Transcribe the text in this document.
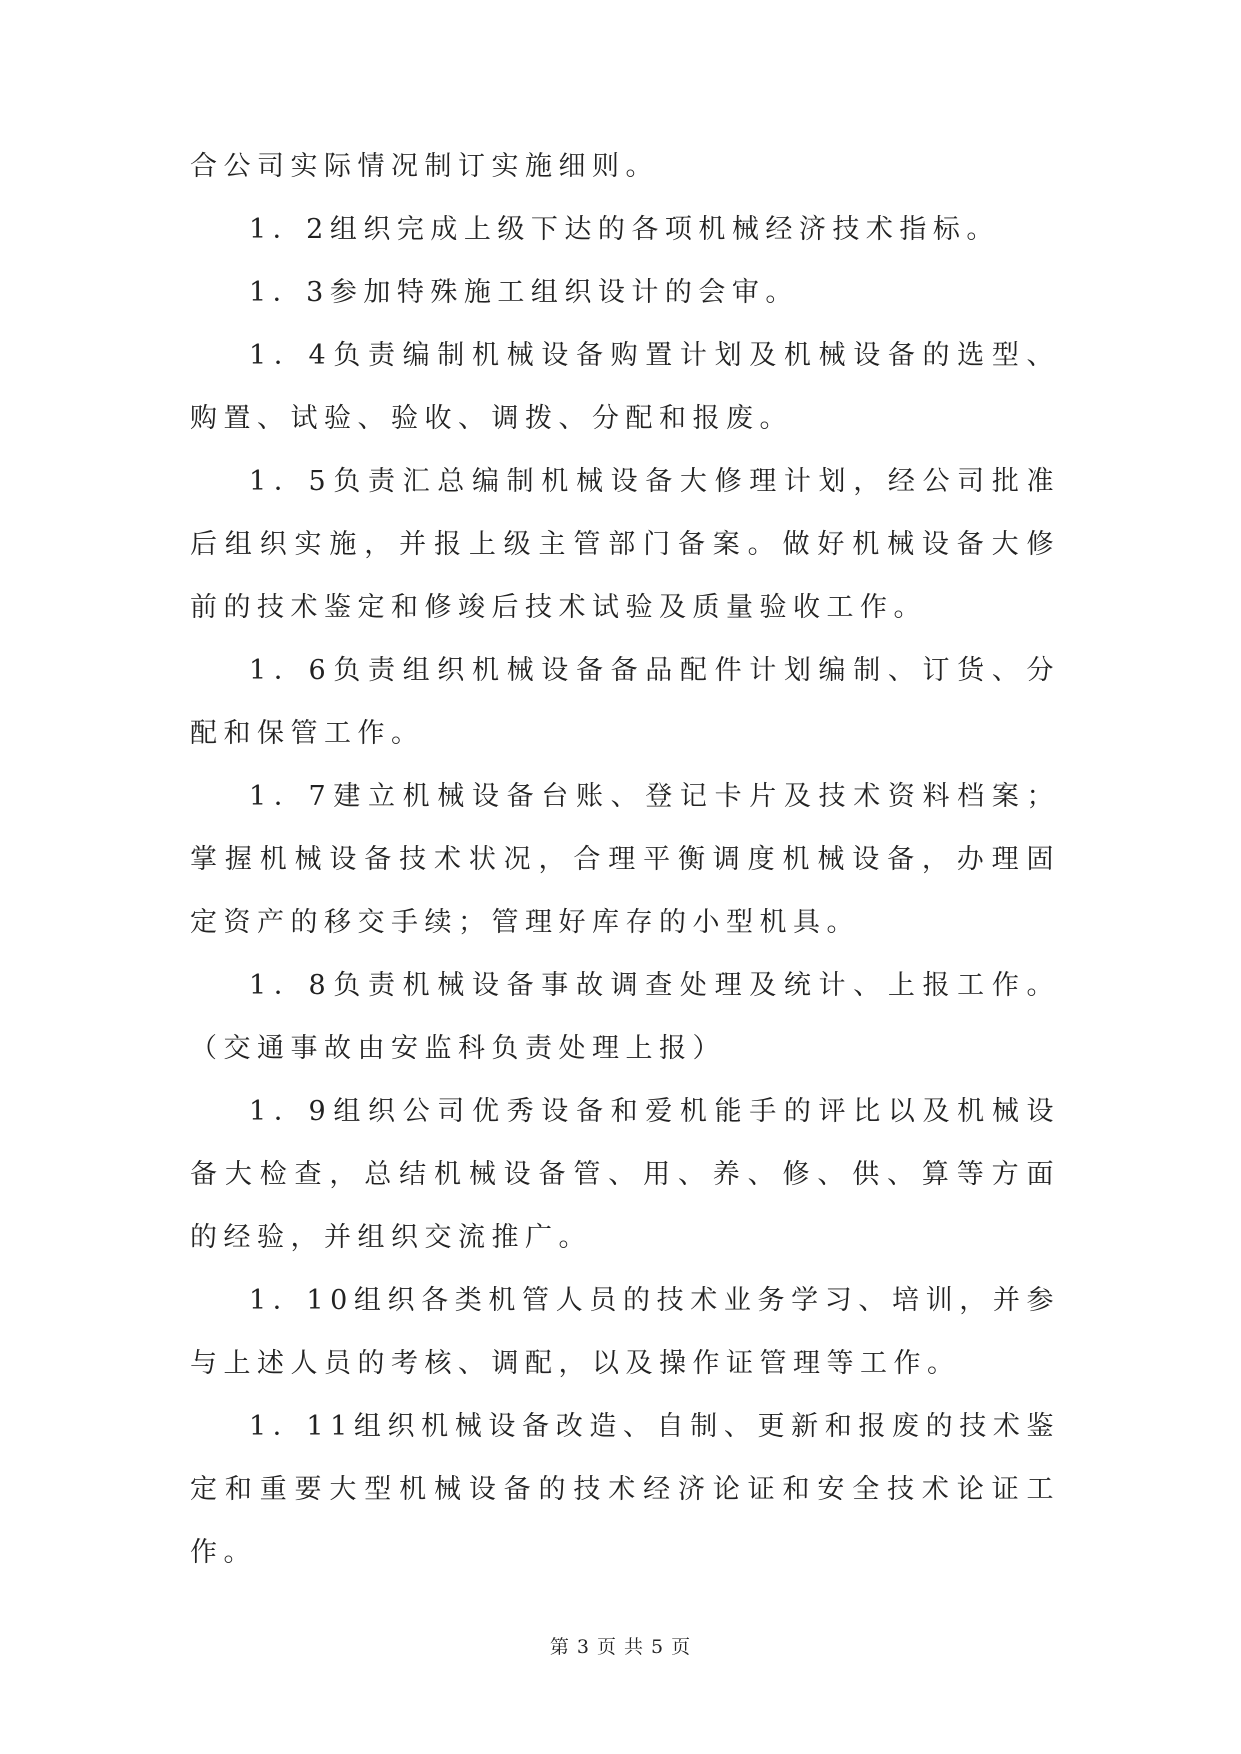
合公司实际情况制订实施细则。

1．2组织完成上级下达的各项机械经济技术指标。

1．3参加特殊施工组织设计的会审。

1．4负责编制机械设备购置计划及机械设备的选型、购置、试验、验收、调拨、分配和报废。

1．5负责汇总编制机械设备大修理计划，经公司批准后组织实施，并报上级主管部门备案。做好机械设备大修前的技术鉴定和修竣后技术试验及质量验收工作。

1．6负责组织机械设备备品配件计划编制、订货、分配和保管工作。

1．7建立机械设备台账、登记卡片及技术资料档案；掌握机械设备技术状况，合理平衡调度机械设备，办理固定资产的移交手续；管理好库存的小型机具。

1．8负责机械设备事故调查处理及统计、上报工作。（交通事故由安监科负责处理上报）

1．9组织公司优秀设备和爱机能手的评比以及机械设备大检查，总结机械设备管、用、养、修、供、算等方面的经验，并组织交流推广。

1．10组织各类机管人员的技术业务学习、培训，并参与上述人员的考核、调配，以及操作证管理等工作。

1．11组织机械设备改造、自制、更新和报废的技术鉴定和重要大型机械设备的技术经济论证和安全技术论证工作。

第 3 页 共 5 页
